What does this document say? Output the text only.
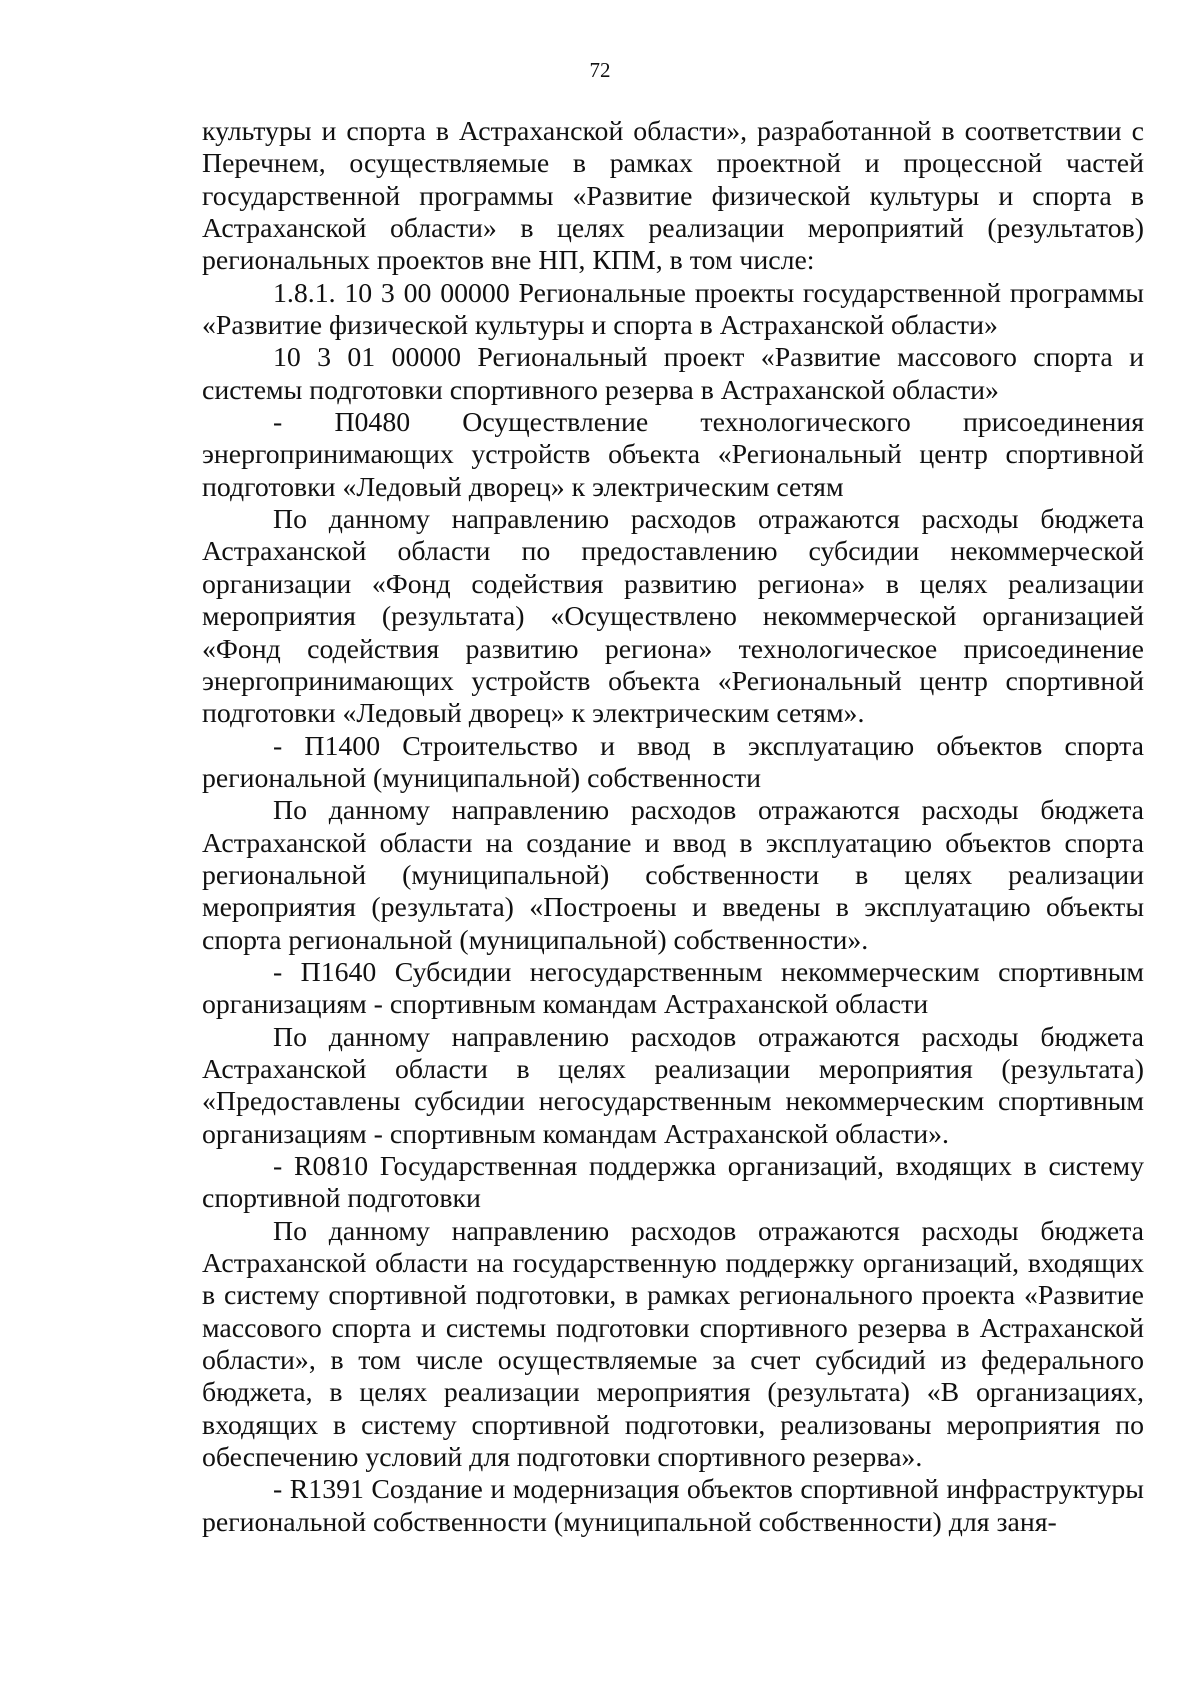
72

культуры и спорта в Астраханской области», разработанной в соответствии с Перечнем, осуществляемые в рамках проектной и процессной частей государственной программы «Развитие физической культуры и спорта в Астраханской области» в целях реализации мероприятий (результатов) региональных проектов вне НП, КПМ, в том числе:

1.8.1. 10 3 00 00000 Региональные проекты государственной программы «Развитие физической культуры и спорта в Астраханской области»

10 3 01 00000 Региональный проект «Развитие массового спорта и системы подготовки спортивного резерва в Астраханской области»

- П0480 Осуществление технологического присоединения энергопринимающих устройств объекта «Региональный центр спортивной подготовки «Ледовый дворец» к электрическим сетям

По данному направлению расходов отражаются расходы бюджета Астраханской области по предоставлению субсидии некоммерческой организации «Фонд содействия развитию региона» в целях реализации мероприятия (результата) «Осуществлено некоммерческой организацией «Фонд содействия развитию региона» технологическое присоединение энергопринимающих устройств объекта «Региональный центр спортивной подготовки «Ледовый дворец» к электрическим сетям».

- П1400 Строительство и ввод в эксплуатацию объектов спорта региональной (муниципальной) собственности

По данному направлению расходов отражаются расходы бюджета Астраханской области на создание и ввод в эксплуатацию объектов спорта региональной (муниципальной) собственности в целях реализации мероприятия (результата) «Построены и введены в эксплуатацию объекты спорта региональной (муниципальной) собственности».

- П1640 Субсидии негосударственным некоммерческим спортивным организациям - спортивным командам Астраханской области

По данному направлению расходов отражаются расходы бюджета Астраханской области в целях реализации мероприятия (результата) «Предоставлены субсидии негосударственным некоммерческим спортивным организациям - спортивным командам Астраханской области».

- R0810 Государственная поддержка организаций, входящих в систему спортивной подготовки

По данному направлению расходов отражаются расходы бюджета Астраханской области на государственную поддержку организаций, входящих в систему спортивной подготовки, в рамках регионального проекта «Развитие массового спорта и системы подготовки спортивного резерва в Астраханской области», в том числе осуществляемые за счет субсидий из федерального бюджета, в целях реализации мероприятия (результата) «В организациях, входящих в систему спортивной подготовки, реализованы мероприятия по обеспечению условий для подготовки спортивного резерва».

- R1391 Создание и модернизация объектов спортивной инфраструктуры региональной собственности (муниципальной собственности) для заня-
